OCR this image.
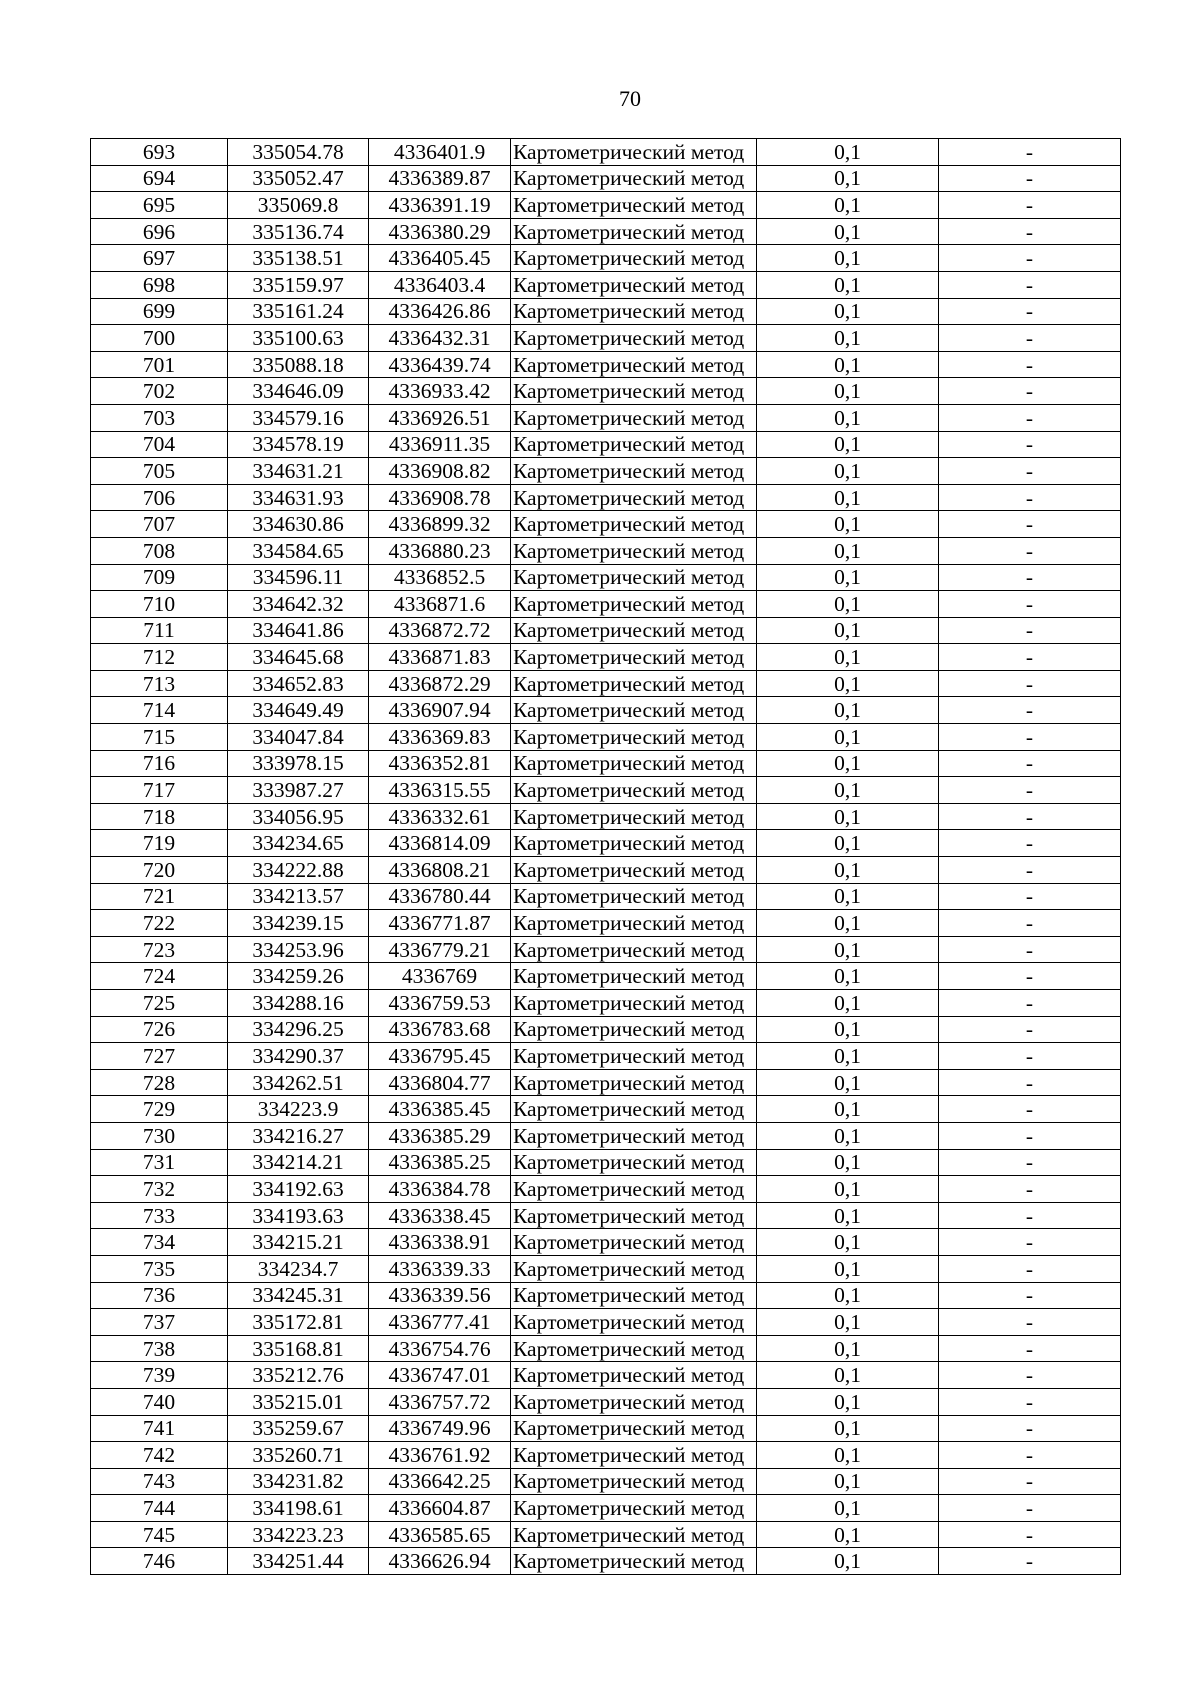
70
693	335054.78	4336401.9	Картометрический метод	0,1	-
694	335052.47	4336389.87	Картометрический метод	0,1	-
695	335069.8	4336391.19	Картометрический метод	0,1	-
696	335136.74	4336380.29	Картометрический метод	0,1	-
697	335138.51	4336405.45	Картометрический метод	0,1	-
698	335159.97	4336403.4	Картометрический метод	0,1	-
699	335161.24	4336426.86	Картометрический метод	0,1	-
700	335100.63	4336432.31	Картометрический метод	0,1	-
701	335088.18	4336439.74	Картометрический метод	0,1	-
702	334646.09	4336933.42	Картометрический метод	0,1	-
703	334579.16	4336926.51	Картометрический метод	0,1	-
704	334578.19	4336911.35	Картометрический метод	0,1	-
705	334631.21	4336908.82	Картометрический метод	0,1	-
706	334631.93	4336908.78	Картометрический метод	0,1	-
707	334630.86	4336899.32	Картометрический метод	0,1	-
708	334584.65	4336880.23	Картометрический метод	0,1	-
709	334596.11	4336852.5	Картометрический метод	0,1	-
710	334642.32	4336871.6	Картометрический метод	0,1	-
711	334641.86	4336872.72	Картометрический метод	0,1	-
712	334645.68	4336871.83	Картометрический метод	0,1	-
713	334652.83	4336872.29	Картометрический метод	0,1	-
714	334649.49	4336907.94	Картометрический метод	0,1	-
715	334047.84	4336369.83	Картометрический метод	0,1	-
716	333978.15	4336352.81	Картометрический метод	0,1	-
717	333987.27	4336315.55	Картометрический метод	0,1	-
718	334056.95	4336332.61	Картометрический метод	0,1	-
719	334234.65	4336814.09	Картометрический метод	0,1	-
720	334222.88	4336808.21	Картометрический метод	0,1	-
721	334213.57	4336780.44	Картометрический метод	0,1	-
722	334239.15	4336771.87	Картометрический метод	0,1	-
723	334253.96	4336779.21	Картометрический метод	0,1	-
724	334259.26	4336769	Картометрический метод	0,1	-
725	334288.16	4336759.53	Картометрический метод	0,1	-
726	334296.25	4336783.68	Картометрический метод	0,1	-
727	334290.37	4336795.45	Картометрический метод	0,1	-
728	334262.51	4336804.77	Картометрический метод	0,1	-
729	334223.9	4336385.45	Картометрический метод	0,1	-
730	334216.27	4336385.29	Картометрический метод	0,1	-
731	334214.21	4336385.25	Картометрический метод	0,1	-
732	334192.63	4336384.78	Картометрический метод	0,1	-
733	334193.63	4336338.45	Картометрический метод	0,1	-
734	334215.21	4336338.91	Картометрический метод	0,1	-
735	334234.7	4336339.33	Картометрический метод	0,1	-
736	334245.31	4336339.56	Картометрический метод	0,1	-
737	335172.81	4336777.41	Картометрический метод	0,1	-
738	335168.81	4336754.76	Картометрический метод	0,1	-
739	335212.76	4336747.01	Картометрический метод	0,1	-
740	335215.01	4336757.72	Картометрический метод	0,1	-
741	335259.67	4336749.96	Картометрический метод	0,1	-
742	335260.71	4336761.92	Картометрический метод	0,1	-
743	334231.82	4336642.25	Картометрический метод	0,1	-
744	334198.61	4336604.87	Картометрический метод	0,1	-
745	334223.23	4336585.65	Картометрический метод	0,1	-
746	334251.44	4336626.94	Картометрический метод	0,1	-
